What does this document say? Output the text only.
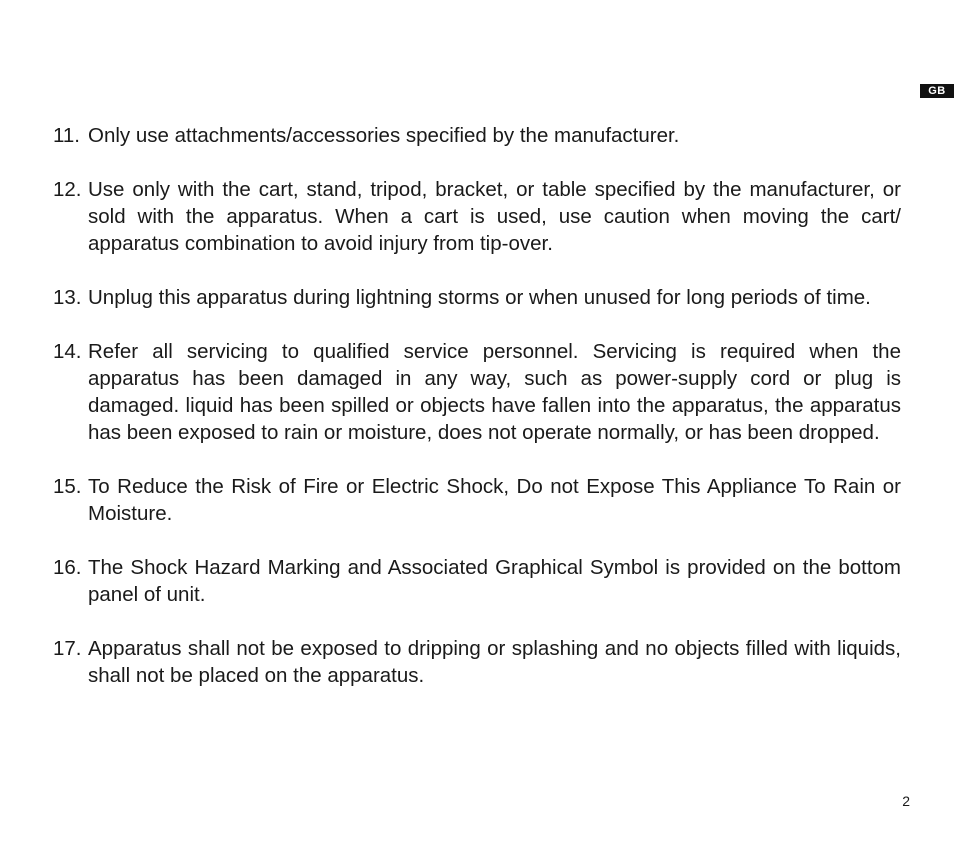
GB
11. Only use attachments/accessories specified by the manufacturer.
12. Use only with the cart, stand, tripod, bracket, or table specified by the manufacturer, or sold with the apparatus. When a cart is used, use caution when moving the cart/ apparatus combination to avoid injury from tip-over.
13. Unplug this apparatus during lightning storms or when unused for long periods of time.
14. Refer all servicing to qualified service personnel. Servicing is required when the apparatus has been damaged in any way, such as power-supply cord or plug is damaged. liquid has been spilled or objects have fallen into the apparatus, the apparatus has been exposed to rain or moisture, does not operate normally, or has been dropped.
15. To Reduce the Risk of Fire or Electric Shock, Do not Expose This Appliance To Rain or Moisture.
16. The Shock Hazard Marking and Associated Graphical Symbol is provided on the bottom panel of unit.
17. Apparatus shall not be exposed to dripping or splashing and no objects filled with liquids, shall not be placed on the apparatus.
2
